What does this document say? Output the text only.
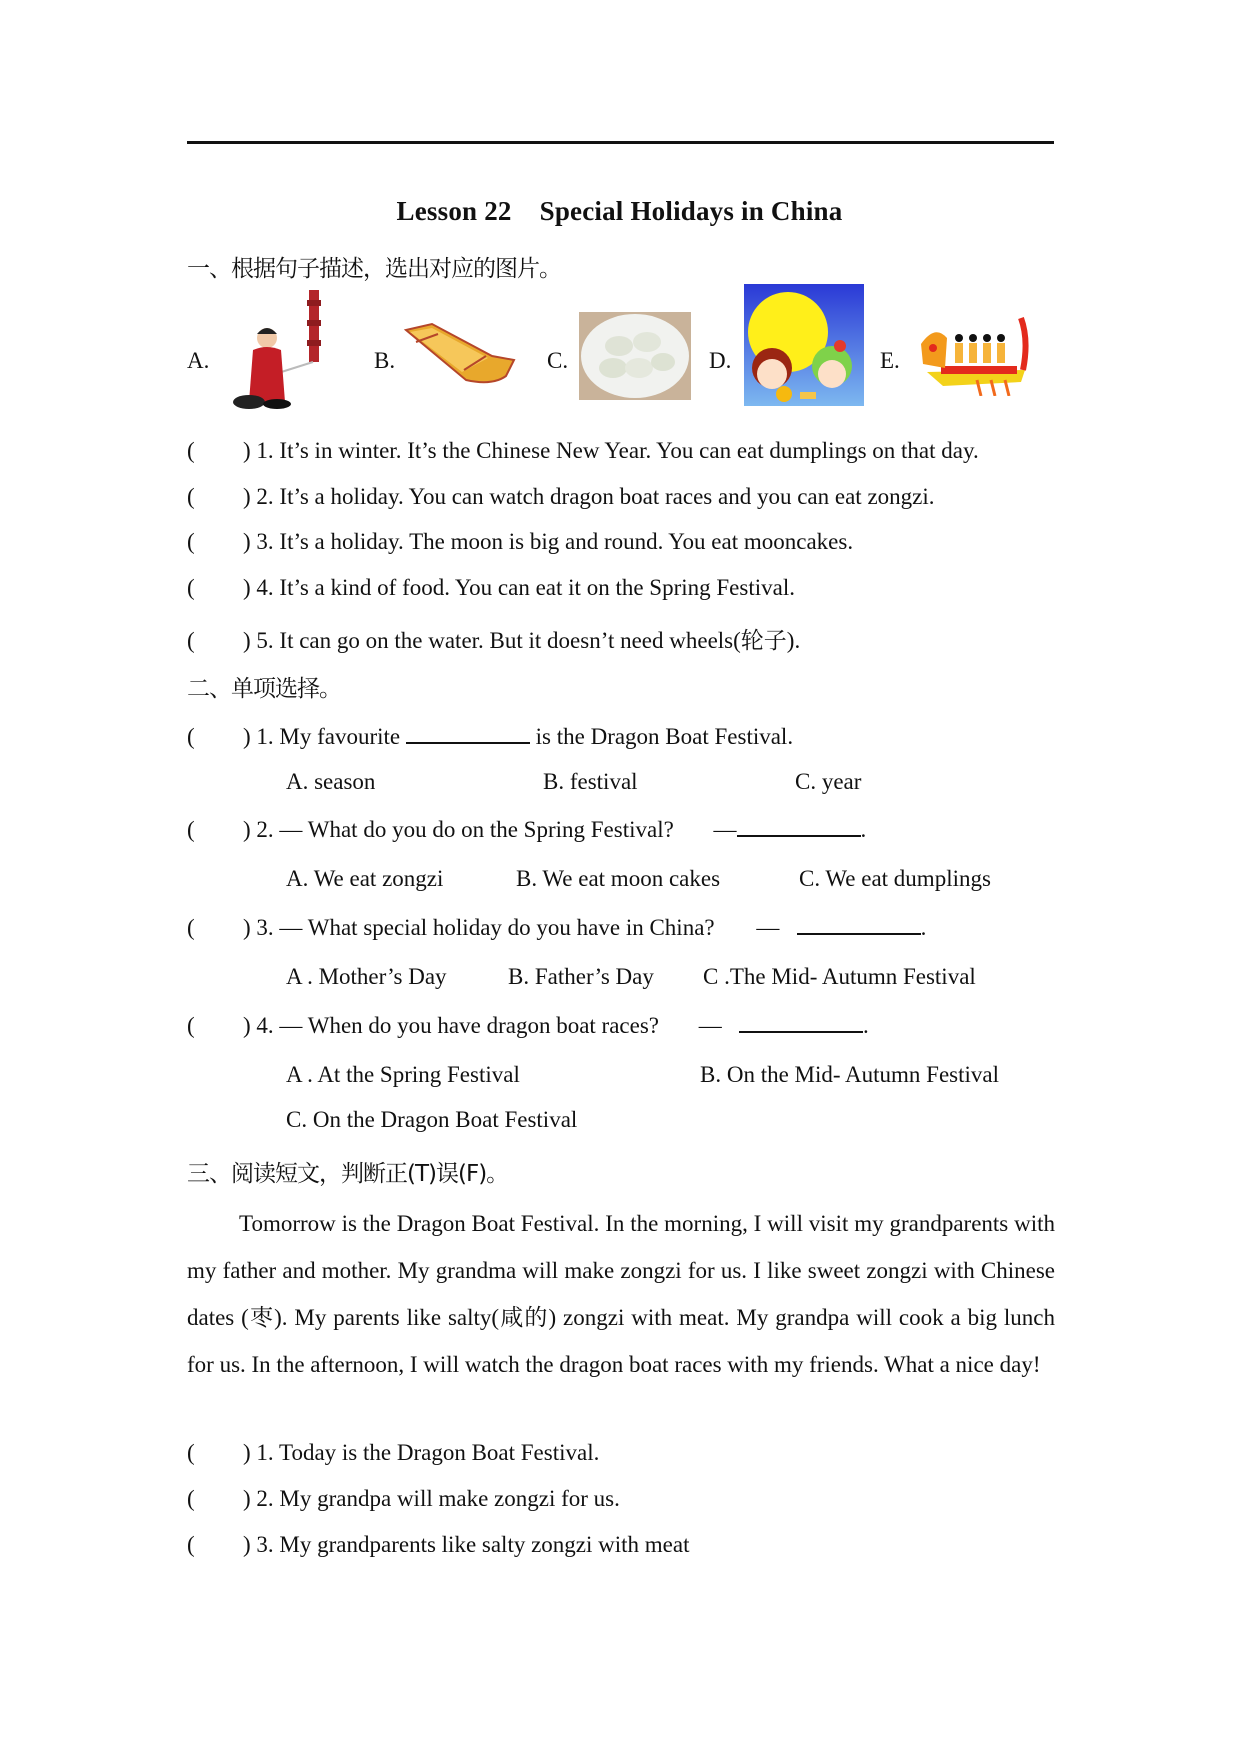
Lesson 22 Special Holidays in China
一、根据句子描述，选出对应的图片。
A.	B.	C.	D.	E.
( ) 1. It’s in winter. It’s the Chinese New Year. You can eat dumplings on that day.
( ) 2. It’s a holiday. You can watch dragon boat races and you can eat zongzi.
( ) 3. It’s a holiday. The moon is big and round. You eat mooncakes.
( ) 4. It’s a kind of food. You can eat it on the Spring Festival.
( ) 5. It can go on the water. But it doesn’t need wheels(轮子).
二、单项选择。
( ) 1. My favourite	is the Dragon Boat Festival.
A. season	B. festival	C. year
( ) 2. — What do you do on the Spring Festival? —	.
A. We eat zongzi	B. We eat moon cakes	C. We eat dumplings
( ) 3. — What special holiday do you have in China? —	.
A . Mother’s Day	B. Father’s Day C .The Mid- Autumn Festival
( ) 4. — When do you have dragon boat races? —	.
A . At the Spring Festival	B. On the Mid- Autumn Festival
C. On the Dragon Boat Festival
三、阅读短文，判断正(T)误(F)。

Tomorrow is the Dragon Boat Festival. In the morning, I will visit my grandparents with my father and mother. My grandma will make zongzi for us. I like sweet zongzi with Chinese dates (枣). My parents like salty(咸的) zongzi with meat. My grandpa will cook a big lunch for us. In the afternoon, I will watch the dragon boat races with my friends. What a nice day!

( ) 1. Today is the Dragon Boat Festival.
( ) 2. My grandpa will make zongzi for us.
( ) 3. My grandparents like salty zongzi with meat
